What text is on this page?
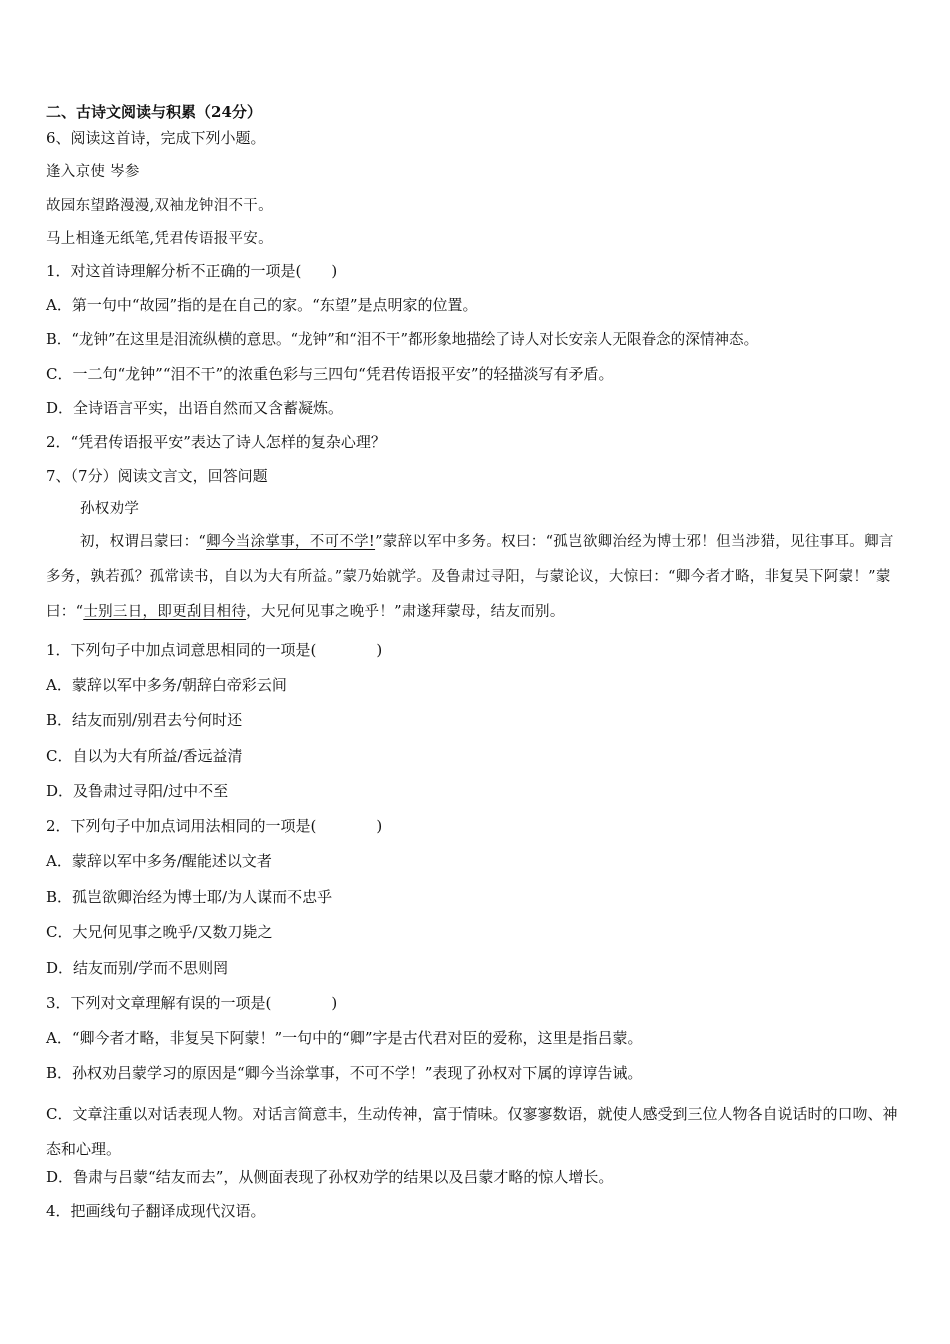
二、古诗文阅读与积累（24分）
6、阅读这首诗，完成下列小题。
逢入京使 岑参
故园东望路漫漫,双袖龙钟泪不干。
马上相逢无纸笔,凭君传语报平安。
1．对这首诗理解分析不正确的一项是(　　)
A．第一句中“故园”指的是在自己的家。“东望”是点明家的位置。
B．“龙钟”在这里是泪流纵横的意思。“龙钟”和“泪不干”都形象地描绘了诗人对长安亲人无限眷念的深情神态。
C．一二句“龙钟”“泪不干”的浓重色彩与三四句“凭君传语报平安”的轻描淡写有矛盾。
D．全诗语言平实，出语自然而又含蓄凝炼。
2．“凭君传语报平安”表达了诗人怎样的复杂心理？
7、（7分）阅读文言文，回答问题
孙权劝学
初，权谓吕蒙曰：“卿今当涂掌事，不可不学!”蒙辞以军中多务。权曰：“孤岂欲卿治经为博士邪！但当涉猎，见往事耳。卿言多务，孰若孤？孤常读书，自以为大有所益。”蒙乃始就学。及鲁肃过寻阳，与蒙论议，大惊曰：“卿今者才略，非复吴下阿蒙！”蒙曰：“士别三日，即更刮目相待，大兄何见事之晚乎！”肃遂拜蒙母，结友而别。
1．下列句子中加点词意思相同的一项是(　　　　)
A．蒙辞以军中多务/朝辞白帝彩云间
B．结友而别/别君去兮何时还
C．自以为大有所益/香远益清
D．及鲁肃过寻阳/过中不至
2．下列句子中加点词用法相同的一项是(　　　　)
A．蒙辞以军中多务/醒能述以文者
B．孤岂欲卿治经为博士耶/为人谋而不忠乎
C．大兄何见事之晚乎/又数刀毙之
D．结友而别/学而不思则罔
3．下列对文章理解有误的一项是(　　　　)
A．“卿今者才略，非复吴下阿蒙！”一句中的“卿”字是古代君对臣的爱称，这里是指吕蒙。
B．孙权劝吕蒙学习的原因是“卿今当涂掌事，不可不学！”表现了孙权对下属的谆谆告诫。
C．文章注重以对话表现人物。对话言简意丰，生动传神，富于情味。仅寥寥数语，就使人感受到三位人物各自说话时的口吻、神态和心理。
D．鲁肃与吕蒙“结友而去”，从侧面表现了孙权劝学的结果以及吕蒙才略的惊人增长。
4．把画线句子翻译成现代汉语。
